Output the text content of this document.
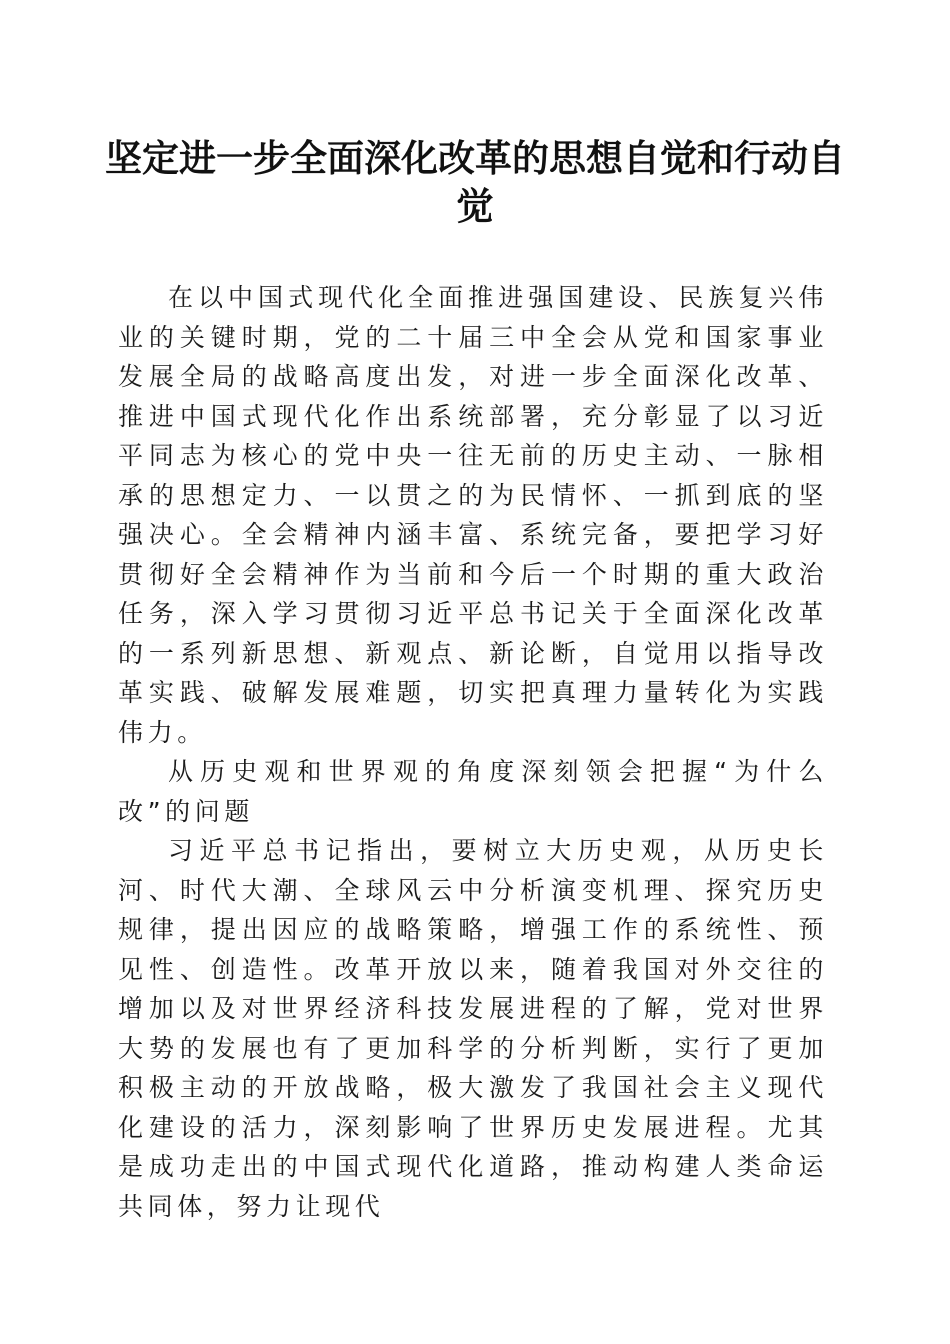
坚定进一步全面深化改革的思想自觉和行动自觉

在以中国式现代化全面推进强国建设、民族复兴伟业的关键时期，党的二十届三中全会从党和国家事业发展全局的战略高度出发，对进一步全面深化改革、推进中国式现代化作出系统部署，充分彰显了以习近平同志为核心的党中央一往无前的历史主动、一脉相承的思想定力、一以贯之的为民情怀、一抓到底的坚强决心。全会精神内涵丰富、系统完备，要把学习好贯彻好全会精神作为当前和今后一个时期的重大政治任务，深入学习贯彻习近平总书记关于全面深化改革的一系列新思想、新观点、新论断，自觉用以指导改革实践、破解发展难题，切实把真理力量转化为实践伟力。

从历史观和世界观的角度深刻领会把握“为什么改”的问题

习近平总书记指出，要树立大历史观，从历史长河、时代大潮、全球风云中分析演变机理、探究历史规律，提出因应的战略策略，增强工作的系统性、预见性、创造性。改革开放以来，随着我国对外交往的增加以及对世界经济科技发展进程的了解，党对世界大势的发展也有了更加科学的分析判断，实行了更加积极主动的开放战略，极大激发了我国社会主义现代化建设的活力，深刻影响了世界历史发展进程。尤其是成功走出的中国式现代化道路，推动构建人类命运共同体，努力让现代
